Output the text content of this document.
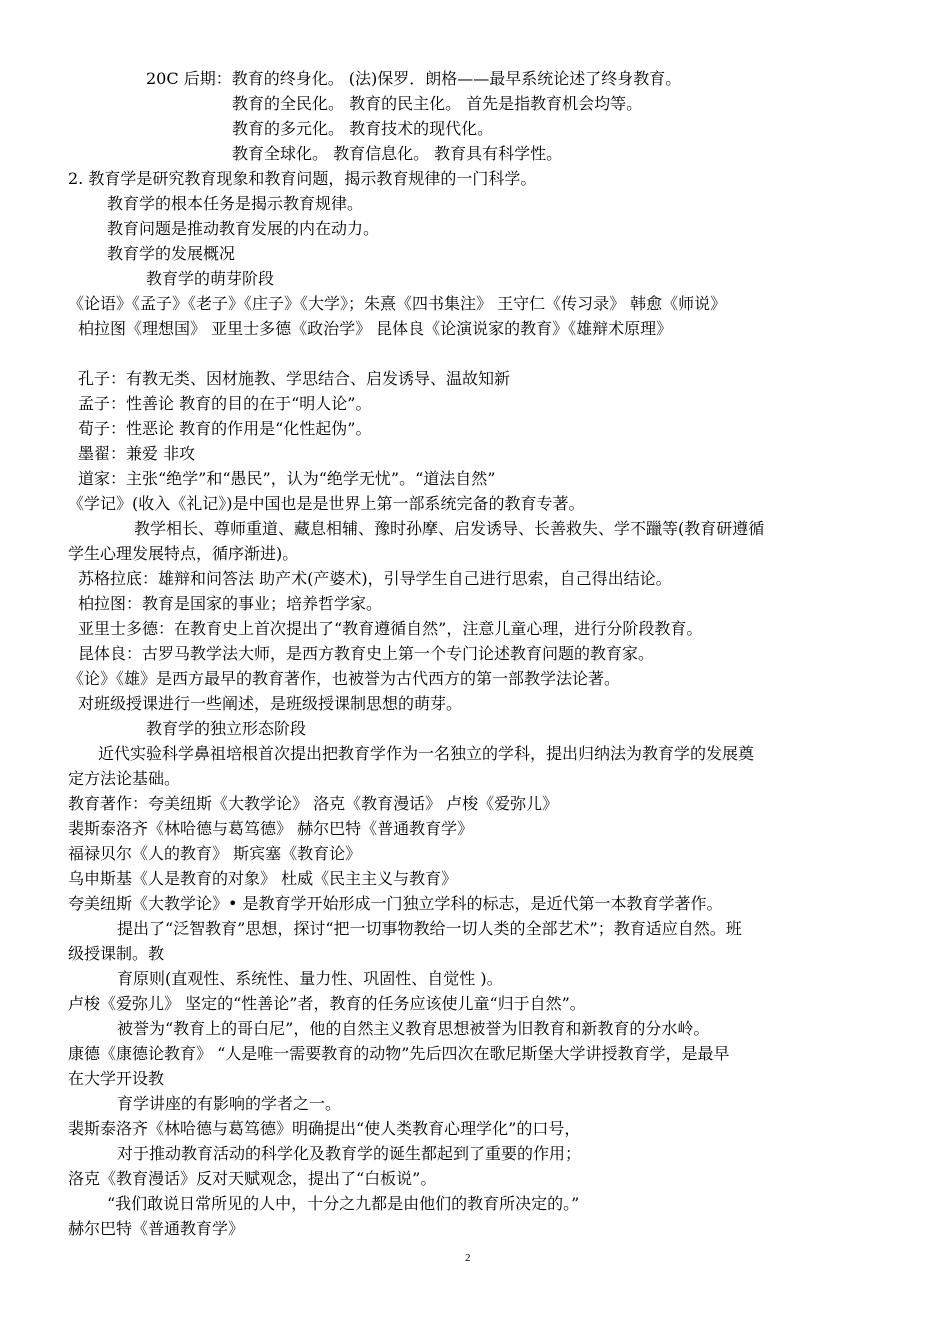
20C 后期：教育的终身化。 (法)保罗．朗格——最早系统论述了终身教育。
教育的全民化。 教育的民主化。 首先是指教育机会均等。
教育的多元化。 教育技术的现代化。
教育全球化。 教育信息化。 教育具有科学性。
2. 教育学是研究教育现象和教育问题，揭示教育规律的一门科学。
教育学的根本任务是揭示教育规律。
教育问题是推动教育发展的内在动力。
教育学的发展概况
教育学的萌芽阶段
《论语》《孟子》《老子》《庄子》《大学》；朱熹《四书集注》 王守仁《传习录》 韩愈《师说》
柏拉图《理想国》 亚里士多德《政治学》 昆体良《论演说家的教育》《雄辩术原理》
孔子：有教无类、因材施教、学思结合、启发诱导、温故知新
孟子：性善论 教育的目的在于“明人论”。
荀子：性恶论 教育的作用是“化性起伪”。
墨翟：兼爱 非攻
道家：主张“绝学”和“愚民”，认为“绝学无忧”。“道法自然”
《学记》(收入《礼记》)是中国也是是世界上第一部系统完备的教育专著。
教学相长、尊师重道、藏息相辅、豫时孙摩、启发诱导、长善救失、学不躐等(教育研遵循
学生心理发展特点，循序渐进)。
苏格拉底：雄辩和问答法 助产术(产婆术)，引导学生自己进行思索，自己得出结论。
柏拉图：教育是国家的事业；培养哲学家。
亚里士多德：在教育史上首次提出了“教育遵循自然”，注意儿童心理，进行分阶段教育。
昆体良：古罗马教学法大师，是西方教育史上第一个专门论述教育问题的教育家。
《论》《雄》是西方最早的教育著作，也被誉为古代西方的第一部教学法论著。
对班级授课进行一些阐述，是班级授课制思想的萌芽。
教育学的独立形态阶段
近代实验科学鼻祖培根首次提出把教育学作为一名独立的学科，提出归纳法为教育学的发展奠
定方法论基础。
教育著作：夸美纽斯《大教学论》 洛克《教育漫话》 卢梭《爱弥儿》
裴斯泰洛齐《林哈德与葛笃德》 赫尔巴特《普通教育学》
福禄贝尔《人的教育》 斯宾塞《教育论》
乌申斯基《人是教育的对象》 杜威《民主主义与教育》
夸美纽斯《大教学论》• 是教育学开始形成一门独立学科的标志，是近代第一本教育学著作。
提出了“泛智教育”思想，探讨“把一切事物教给一切人类的全部艺术”；教育适应自然。班
级授课制。教
育原则(直观性、系统性、量力性、巩固性、自觉性 )。
卢梭《爱弥儿》 坚定的“性善论”者，教育的任务应该使儿童“归于自然”。
被誉为“教育上的哥白尼”，他的自然主义教育思想被誉为旧教育和新教育的分水岭。
康德《康德论教育》 “人是唯一需要教育的动物”先后四次在歌尼斯堡大学讲授教育学，是最早
在大学开设教
育学讲座的有影响的学者之一。
裴斯泰洛齐《林哈德与葛笃德》明确提出“使人类教育心理学化”的口号，
对于推动教育活动的科学化及教育学的诞生都起到了重要的作用；
洛克《教育漫话》反对天赋观念，提出了“白板说”。
“我们敢说日常所见的人中，十分之九都是由他们的教育所决定的。”
赫尔巴特《普通教育学》
2
